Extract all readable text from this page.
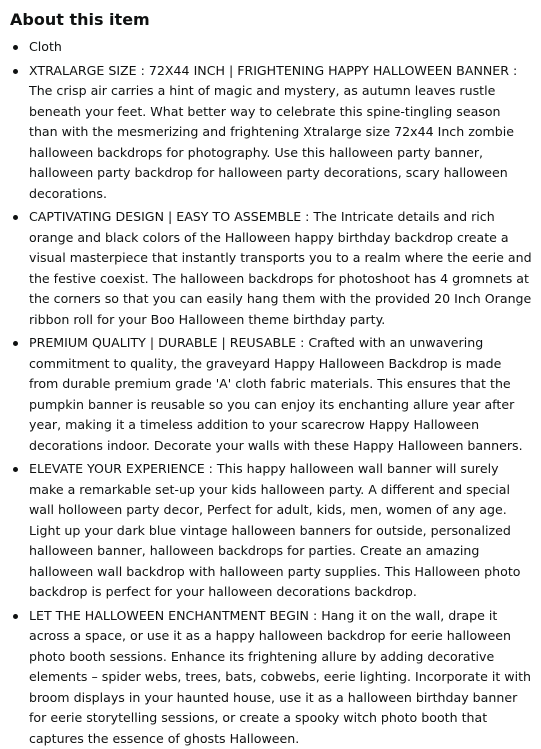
About this item
Cloth
XTRALARGE SIZE : 72X44 INCH | FRIGHTENING HAPPY HALLOWEEN BANNER : The crisp air carries a hint of magic and mystery, as autumn leaves rustle beneath your feet. What better way to celebrate this spine-tingling season than with the mesmerizing and frightening Xtralarge size 72x44 Inch zombie halloween backdrops for photography. Use this halloween party banner, halloween party backdrop for halloween party decorations, scary halloween decorations.
CAPTIVATING DESIGN | EASY TO ASSEMBLE : The Intricate details and rich orange and black colors of the Halloween happy birthday backdrop create a visual masterpiece that instantly transports you to a realm where the eerie and the festive coexist. The halloween backdrops for photoshoot has 4 gromnets at the corners so that you can easily hang them with the provided 20 Inch Orange ribbon roll for your Boo Halloween theme birthday party.
PREMIUM QUALITY | DURABLE | REUSABLE : Crafted with an unwavering commitment to quality, the graveyard Happy Halloween Backdrop is made from durable premium grade 'A' cloth fabric materials. This ensures that the pumpkin banner is reusable so you can enjoy its enchanting allure year after year, making it a timeless addition to your scarecrow Happy Halloween decorations indoor. Decorate your walls with these Happy Halloween banners.
ELEVATE YOUR EXPERIENCE : This happy halloween wall banner will surely make a remarkable set-up your kids halloween party. A different and special wall holloween party decor, Perfect for adult, kids, men, women of any age. Light up your dark blue vintage halloween banners for outside, personalized halloween banner, halloween backdrops for parties. Create an amazing halloween wall backdrop with halloween party supplies. This Halloween photo backdrop is perfect for your halloween decorations backdrop.
LET THE HALLOWEEN ENCHANTMENT BEGIN : Hang it on the wall, drape it across a space, or use it as a happy halloween backdrop for eerie halloween photo booth sessions. Enhance its frightening allure by adding decorative elements – spider webs, trees, bats, cobwebs, eerie lighting. Incorporate it with broom displays in your haunted house, use it as a halloween birthday banner for eerie storytelling sessions, or create a spooky witch photo booth that captures the essence of ghosts Halloween.
